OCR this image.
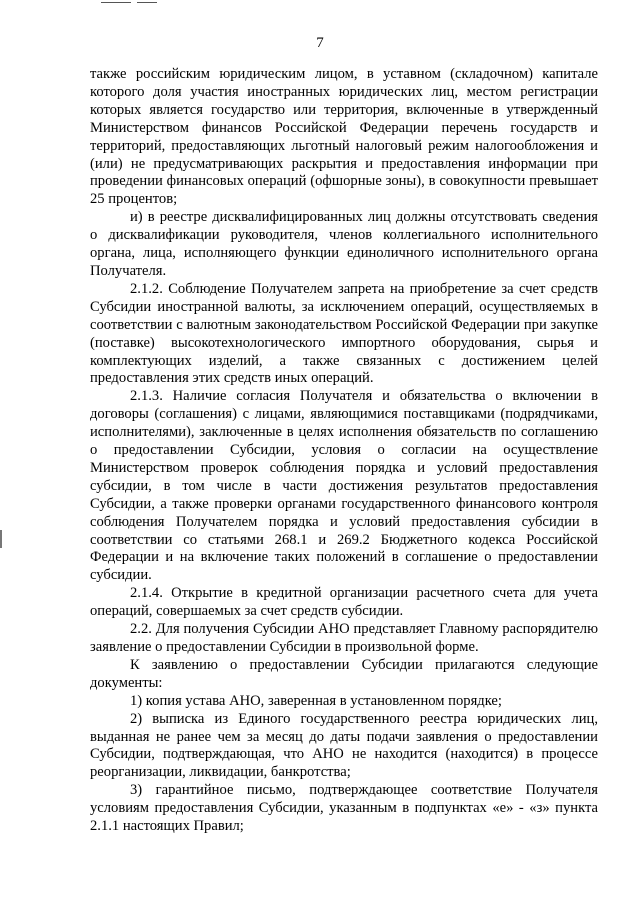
7

также российским юридическим лицом, в уставном (складочном) капитале которого доля участия иностранных юридических лиц, местом регистрации которых является государство или территория, включенные в утвержденный Министерством финансов Российской Федерации перечень государств и территорий, предоставляющих льготный налоговый режим налогообложения и (или) не предусматривающих раскрытия и предоставления информации при проведении финансовых операций (офшорные зоны), в совокупности превышает 25 процентов;

и) в реестре дисквалифицированных лиц должны отсутствовать сведения о дисквалификации руководителя, членов коллегиального исполнительного органа, лица, исполняющего функции единоличного исполнительного органа Получателя.

2.1.2. Соблюдение Получателем запрета на приобретение за счет средств Субсидии иностранной валюты, за исключением операций, осуществляемых в соответствии с валютным законодательством Российской Федерации при закупке (поставке) высокотехнологического импортного оборудования, сырья и комплектующих изделий, а также связанных с достижением целей предоставления этих средств иных операций.

2.1.3. Наличие согласия Получателя и обязательства о включении в договоры (соглашения) с лицами, являющимися поставщиками (подрядчиками, исполнителями), заключенные в целях исполнения обязательств по соглашению о предоставлении Субсидии, условия о согласии на осуществление Министерством проверок соблюдения порядка и условий предоставления субсидии, в том числе в части достижения результатов предоставления Субсидии, а также проверки органами государственного финансового контроля соблюдения Получателем порядка и условий предоставления субсидии в соответствии со статьями 268.1 и 269.2 Бюджетного кодекса Российской Федерации и на включение таких положений в соглашение о предоставлении субсидии.

2.1.4. Открытие в кредитной организации расчетного счета для учета операций, совершаемых за счет средств субсидии.

2.2. Для получения Субсидии АНО представляет Главному распорядителю заявление о предоставлении Субсидии в произвольной форме.

К заявлению о предоставлении Субсидии прилагаются следующие документы:

1) копия устава АНО, заверенная в установленном порядке;

2) выписка из Единого государственного реестра юридических лиц, выданная не ранее чем за месяц до даты подачи заявления о предоставлении Субсидии, подтверждающая, что АНО не находится (находится) в процессе реорганизации, ликвидации, банкротства;

3) гарантийное письмо, подтверждающее соответствие Получателя условиям предоставления Субсидии, указанным в подпунктах «е» - «з» пункта 2.1.1 настоящих Правил;
